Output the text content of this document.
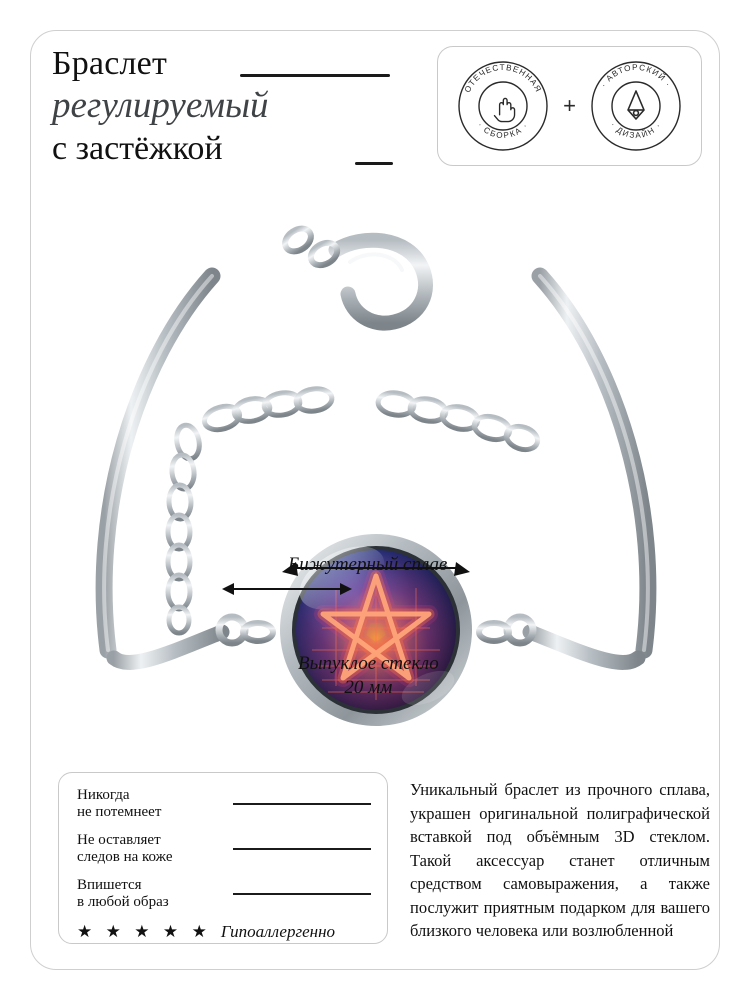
Браслет
регулируемый
с застёжкой
ОТЕЧЕСТВЕННАЯ
· СБОРКА ·
+
· АВТОРСКИЙ ·
· ДИЗАЙН ·
Бижутерный сплав
Выпуклое стекло
20 мм
Никогда
не потемнеет
Не оставляет
следов на коже
Впишется
в любой образ
★ ★ ★ ★ ★ Гипоаллергенно
Уникальный браслет из прочного сплава, украшен оригинальной полиграфической вставкой под объёмным 3D стеклом. Такой аксессуар станет отличным средством самовыражения, а также послужит приятным подарком для вашего близкого человека или возлюбленной
